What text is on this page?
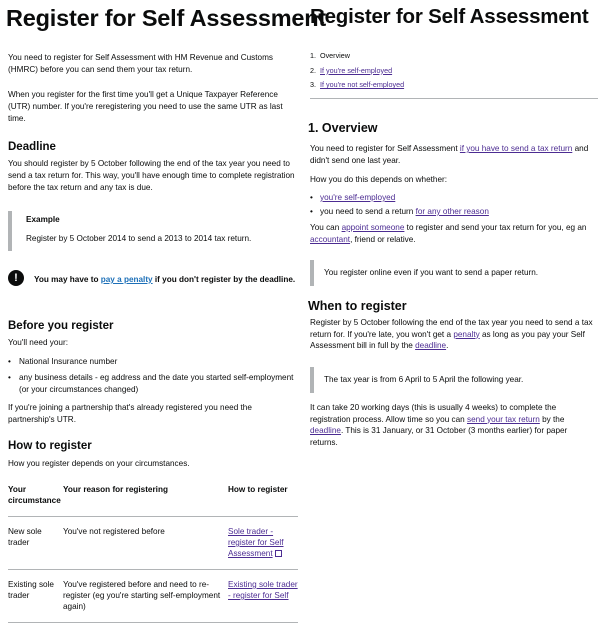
Register for Self Assessment

You need to register for Self Assessment with HM Revenue and Customs (HMRC) before you can send them your tax return.

When you register for the first time you'll get a Unique Taxpayer Reference (UTR) number. If you're reregistering you need to use the same UTR as last time.

Deadline

You should register by 5 October following the end of the tax year you need to send a tax return for. This way, you'll have enough time to complete registration before the tax return and any tax is due.

Example
Register by 5 October 2014 to send a 2013 to 2014 tax return.
!	You may have to pay a penalty if you don't register by the deadline.
Before you register

You'll need your:

• National Insurance number
• any business details - eg address and the date you started self-employment (or your circumstances changed)

If you're joining a partnership that's already registered you need the partnership's UTR.

How to register

How you register depends on your circumstances.

Your circumstance	Your reason for registering	How to register
New sole trader	You've not registered before	Sole trader - register for Self Assessment
Existing sole trader	You've registered before and need to re-register (eg you're starting self-employment again)	Existing sole trader - register for Self
Register for Self Assessment
1. Overview
2. If you're self-employed
3. If you're not self-employed
1. Overview

You need to register for Self Assessment if you have to send a tax return and didn't send one last year.

How you do this depends on whether:

• you're self-employed
• you need to send a return for any other reason

You can appoint someone to register and send your tax return for you, eg an accountant, friend or relative.

You register online even if you want to send a paper return.
When to register

Register by 5 October following the end of the tax year you need to send a tax return for. If you're late, you won't get a penalty as long as you pay your Self Assessment bill in full by the deadline.

The tax year is from 6 April to 5 April the following year.

It can take 20 working days (this is usually 4 weeks) to complete the registration process. Allow time so you can send your tax return by the deadline. This is 31 January, or 31 October (3 months earlier) for paper returns.
